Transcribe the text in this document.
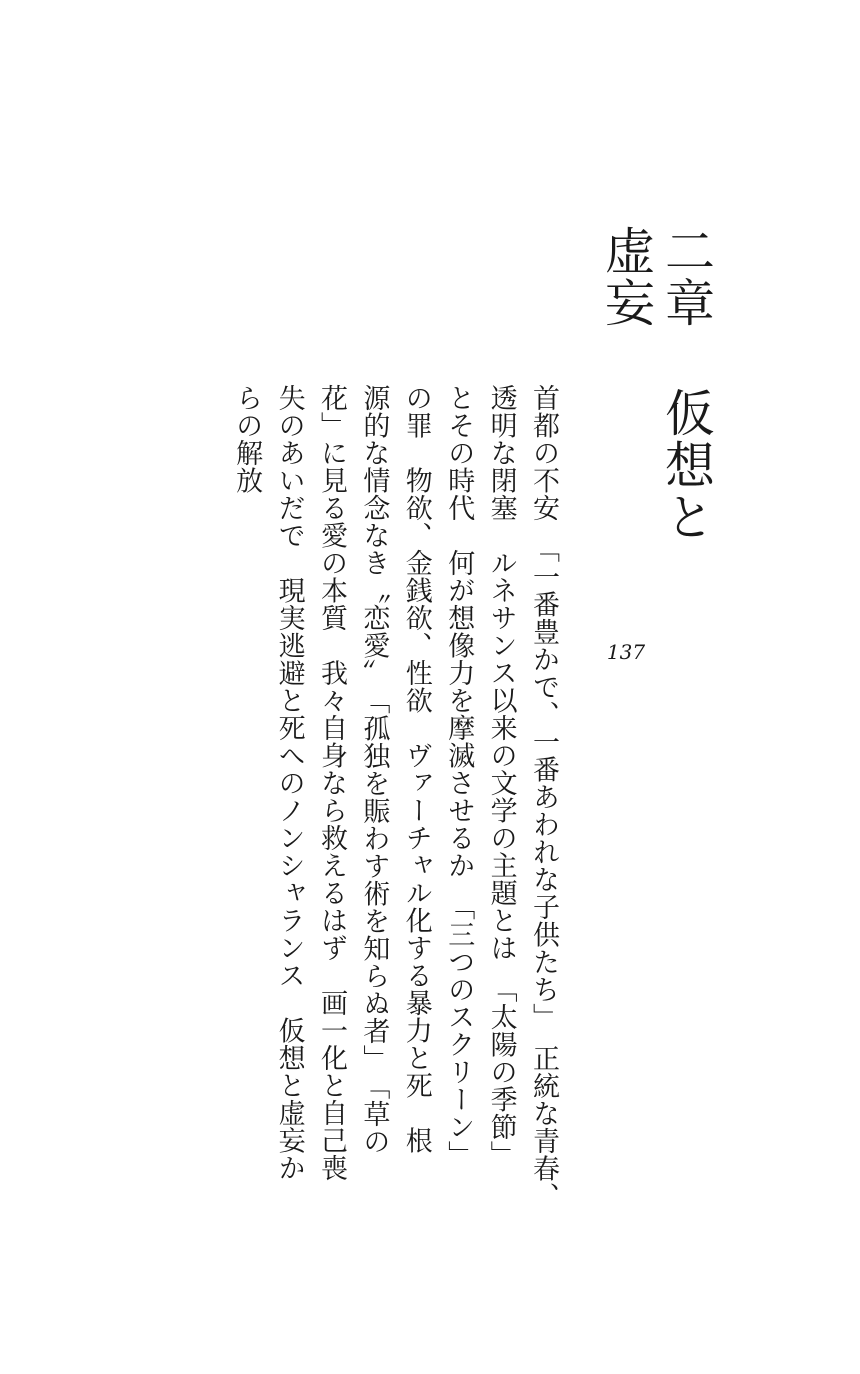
二章仮想と虚妄
137
首都の不安　「一番豊かで、一番あわれな子供たち」　正統な青春、
透明な閉塞　ルネサンス以来の文学の主題とは　「太陽の季節」
とその時代　何が想像力を摩滅させるか　「三つのスクリーン」
の罪　物欲、金銭欲、性欲　ヴァーチャル化する暴力と死　根
源的な情念なき〝恋愛〟　「孤独を賑わす術を知らぬ者」　「草の
花」に見る愛の本質　我々自身なら救えるはず　画一化と自己喪
失のあいだで　現実逃避と死へのノンシャランス　仮想と虚妄か
らの解放
